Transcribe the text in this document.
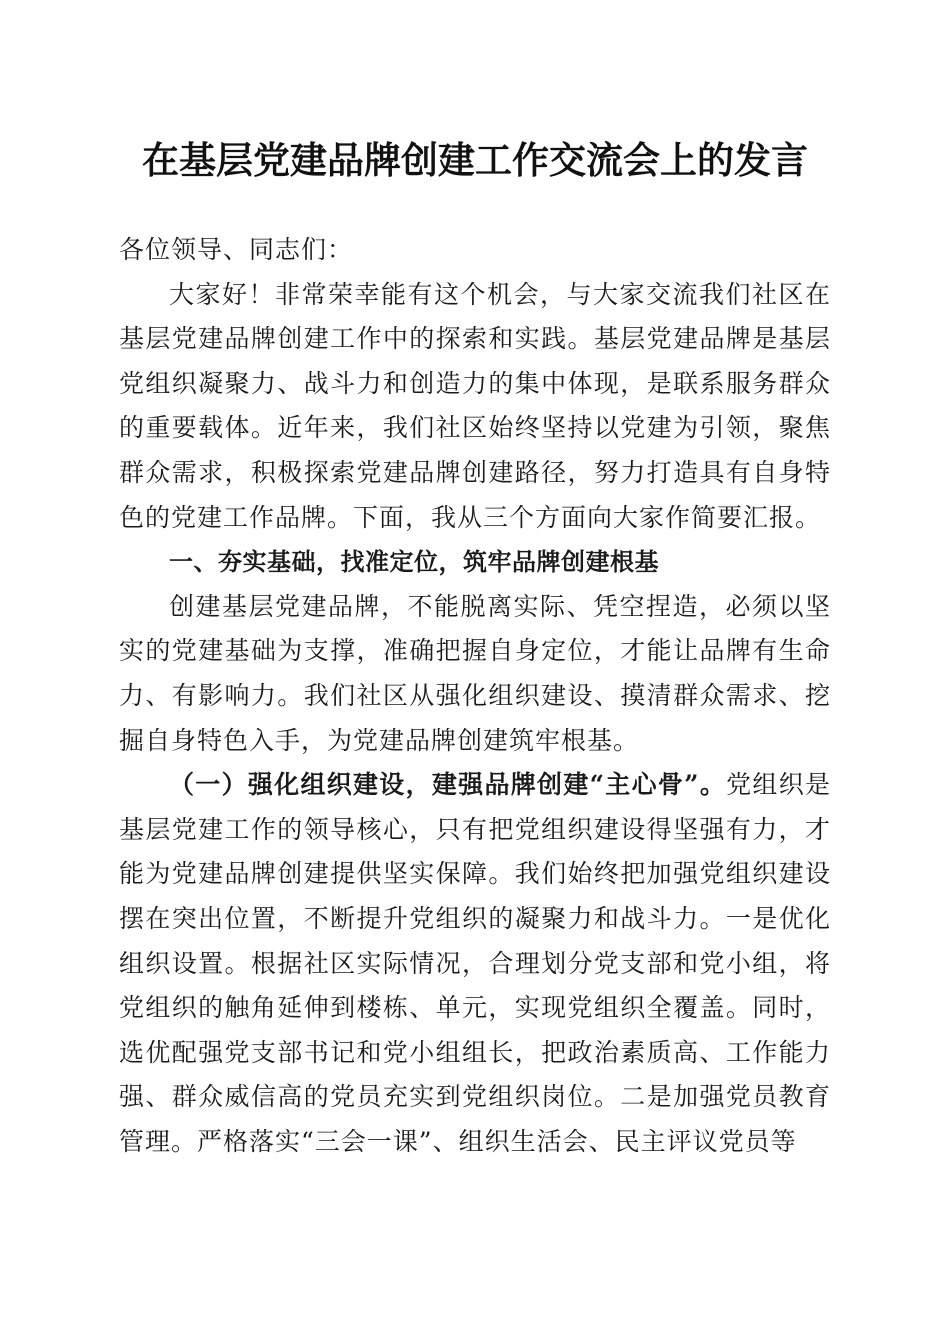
在基层党建品牌创建工作交流会上的发言

各位领导、同志们：

大家好！非常荣幸能有这个机会，与大家交流我们社区在基层党建品牌创建工作中的探索和实践。基层党建品牌是基层党组织凝聚力、战斗力和创造力的集中体现，是联系服务群众的重要载体。近年来，我们社区始终坚持以党建为引领，聚焦群众需求，积极探索党建品牌创建路径，努力打造具有自身特色的党建工作品牌。下面，我从三个方面向大家作简要汇报。

一、夯实基础，找准定位，筑牢品牌创建根基

创建基层党建品牌，不能脱离实际、凭空捏造，必须以坚实的党建基础为支撑，准确把握自身定位，才能让品牌有生命力、有影响力。我们社区从强化组织建设、摸清群众需求、挖掘自身特色入手，为党建品牌创建筑牢根基。

（一）强化组织建设，建强品牌创建“主心骨”。党组织是基层党建工作的领导核心，只有把党组织建设得坚强有力，才能为党建品牌创建提供坚实保障。我们始终把加强党组织建设摆在突出位置，不断提升党组织的凝聚力和战斗力。一是优化组织设置。根据社区实际情况，合理划分党支部和党小组，将党组织的触角延伸到楼栋、单元，实现党组织全覆盖。同时，选优配强党支部书记和党小组组长，把政治素质高、工作能力强、群众威信高的党员充实到党组织岗位。二是加强党员教育管理。严格落实“三会一课”、组织生活会、民主评议党员等
